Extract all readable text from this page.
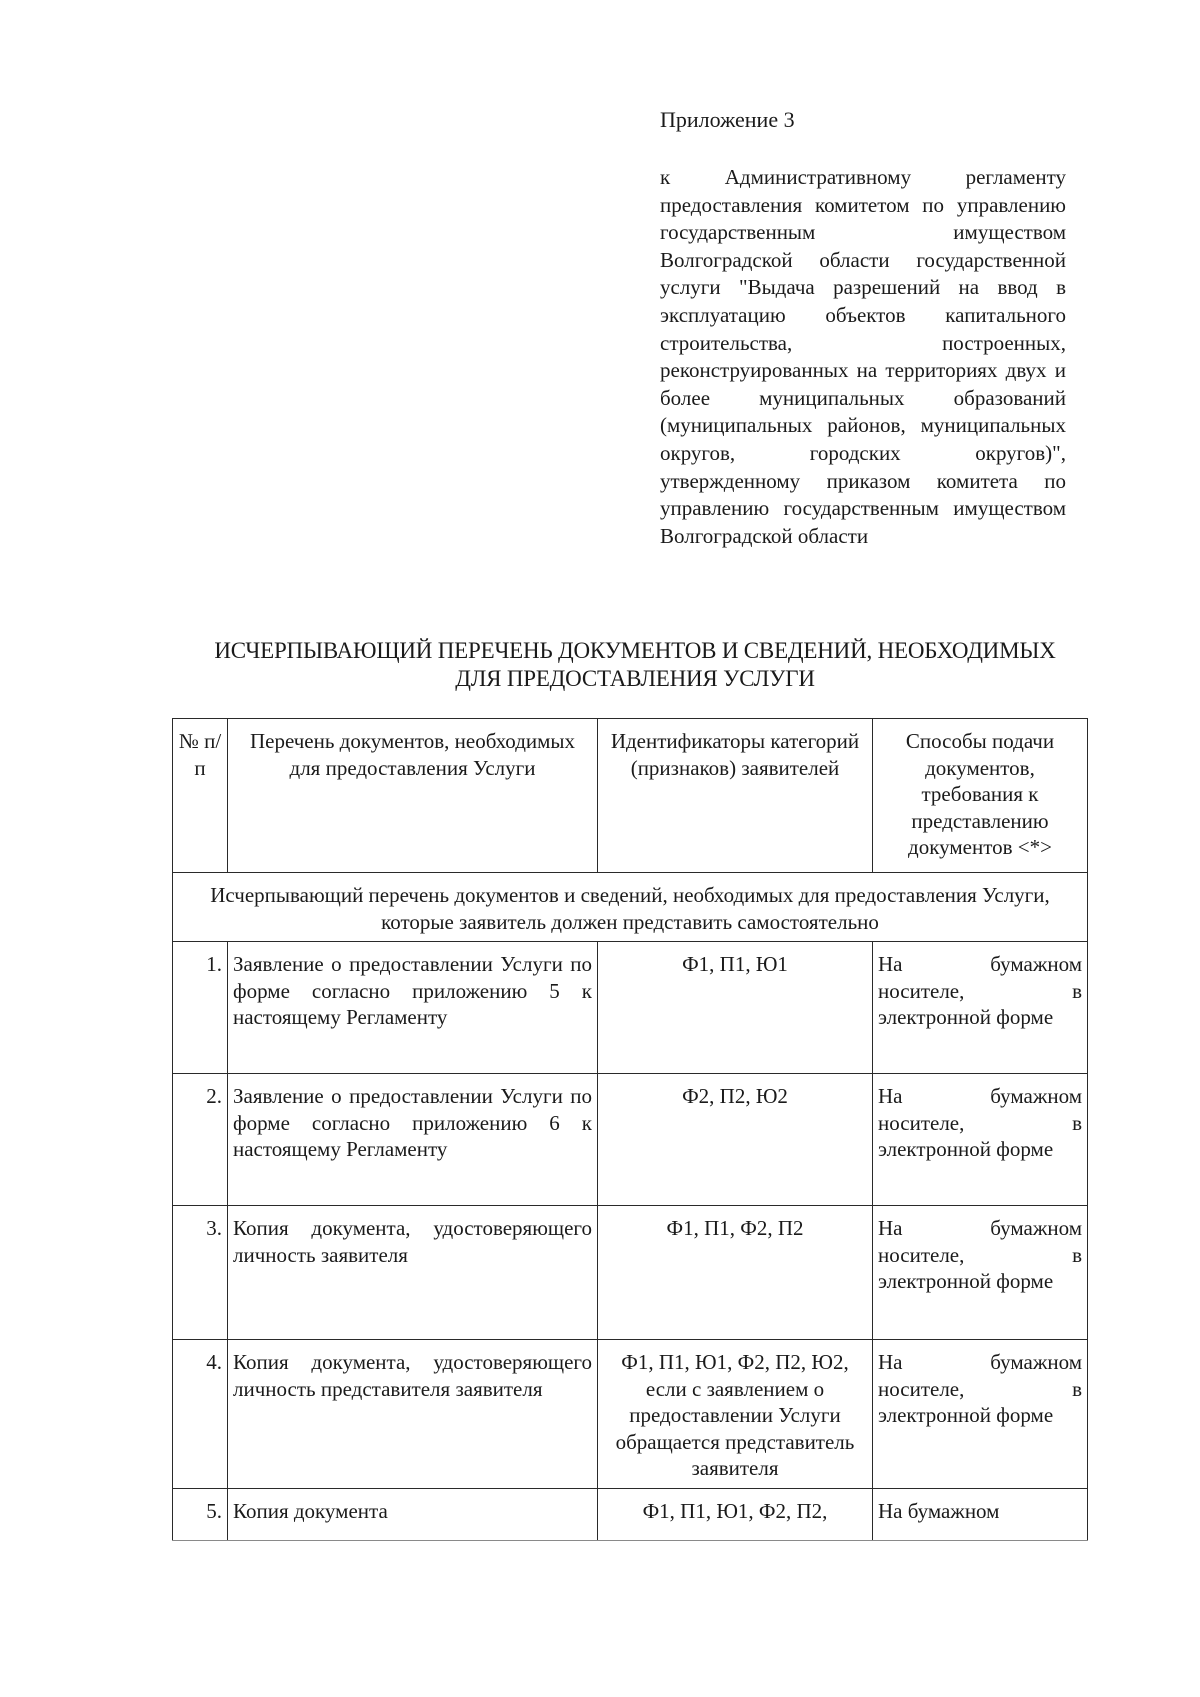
Приложение 3
к Административному регламенту предоставления комитетом по управлению государственным имуществом Волгоградской области государственной услуги "Выдача разрешений на ввод в эксплуатацию объектов капитального строительства, построенных, реконструированных на территориях двух и более муниципальных образований (муниципальных районов, муниципальных округов, городских округов)", утвержденному приказом комитета по управлению государственным имуществом Волгоградской области
ИСЧЕРПЫВАЮЩИЙ ПЕРЕЧЕНЬ ДОКУМЕНТОВ И СВЕДЕНИЙ, НЕОБХОДИМЫХ
ДЛЯ ПРЕДОСТАВЛЕНИЯ УСЛУГИ
№ п/п	Перечень документов, необходимых для предоставления Услуги	Идентификаторы категорий (признаков) заявителей	Способы подачи документов, требования к представлению документов <*>
Исчерпывающий перечень документов и сведений, необходимых для предоставления Услуги, которые заявитель должен представить самостоятельно			
1.	Заявление о предоставлении Услуги по форме согласно приложению 5 к настоящему Регламенту	Ф1, П1, Ю1	На бумажном носителе, в электронной форме
2.	Заявление о предоставлении Услуги по форме согласно приложению 6 к настоящему Регламенту	Ф2, П2, Ю2	На бумажном носителе, в электронной форме
3.	Копия документа, удостоверяющего личность заявителя	Ф1, П1, Ф2, П2	На бумажном носителе, в электронной форме
4.	Копия документа, удостоверяющего личность представителя заявителя	Ф1, П1, Ю1, Ф2, П2, Ю2, если с заявлением о предоставлении Услуги обращается представитель заявителя	На бумажном носителе, в электронной форме
5.	Копия документа	Ф1, П1, Ю1, Ф2, П2,	На бумажном
